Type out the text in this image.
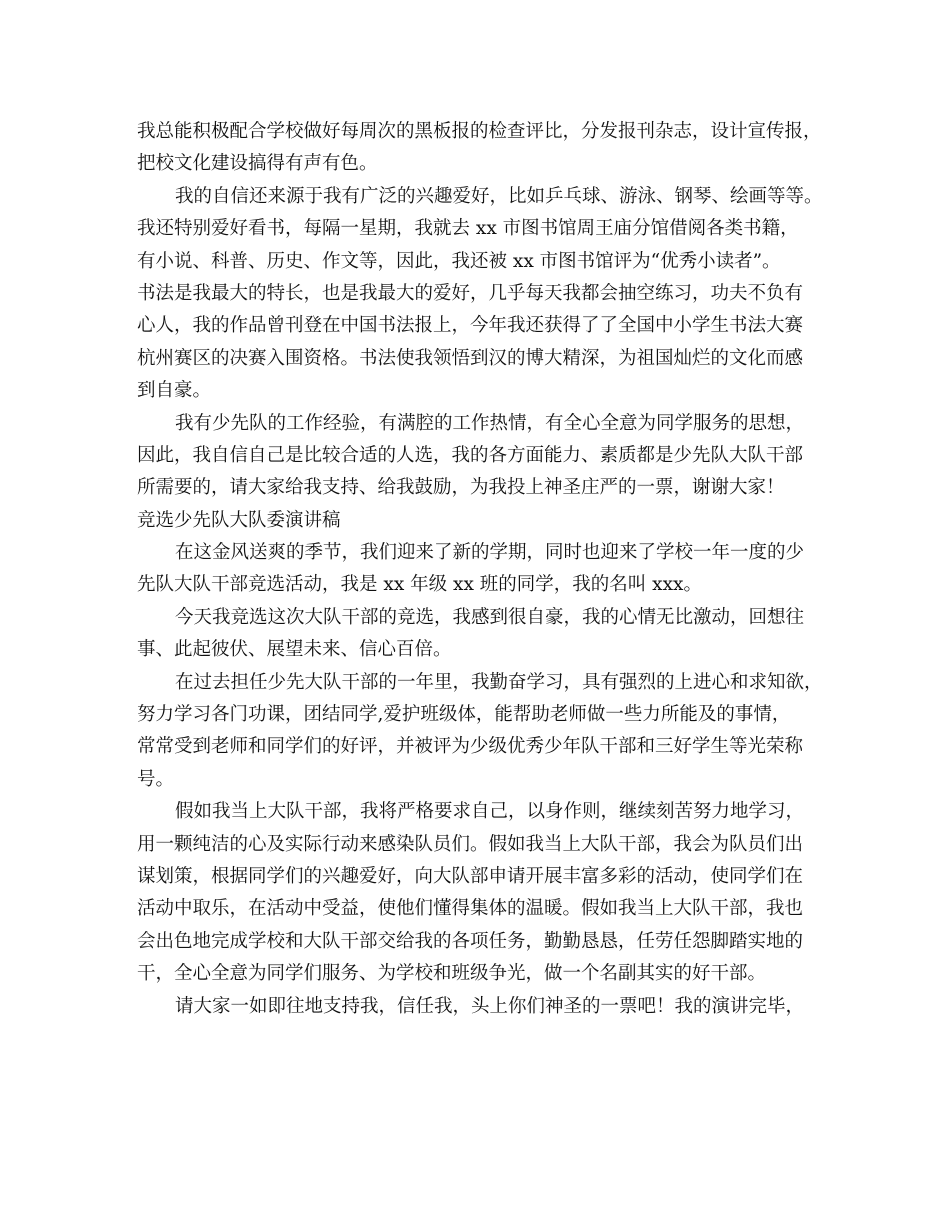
我总能积极配合学校做好每周次的黑板报的检查评比，分发报刊杂志，设计宣传报，
把校文化建设搞得有声有色。
我的自信还来源于我有广泛的兴趣爱好，比如乒乓球、游泳、钢琴、绘画等等。
我还特别爱好看书，每隔一星期，我就去 xx 市图书馆周王庙分馆借阅各类书籍，
有小说、科普、历史、作文等，因此，我还被 xx 市图书馆评为“优秀小读者”。
书法是我最大的特长，也是我最大的爱好，几乎每天我都会抽空练习，功夫不负有
心人，我的作品曾刊登在中国书法报上，今年我还获得了了全国中小学生书法大赛
杭州赛区的决赛入围资格。书法使我领悟到汉的博大精深，为祖国灿烂的文化而感
到自豪。
我有少先队的工作经验，有满腔的工作热情，有全心全意为同学服务的思想，
因此，我自信自己是比较合适的人选，我的各方面能力、素质都是少先队大队干部
所需要的，请大家给我支持、给我鼓励，为我投上神圣庄严的一票，谢谢大家！
竞选少先队大队委演讲稿
在这金风送爽的季节，我们迎来了新的学期，同时也迎来了学校一年一度的少
先队大队干部竞选活动，我是 xx 年级 xx 班的同学，我的名叫 xxx。
今天我竞选这次大队干部的竞选，我感到很自豪，我的心情无比激动，回想往
事、此起彼伏、展望未来、信心百倍。
在过去担任少先大队干部的一年里，我勤奋学习，具有强烈的上进心和求知欲，
努力学习各门功课，团结同学,爱护班级体，能帮助老师做一些力所能及的事情，
常常受到老师和同学们的好评，并被评为少级优秀少年队干部和三好学生等光荣称
号。
假如我当上大队干部，我将严格要求自己，以身作则，继续刻苦努力地学习，
用一颗纯洁的心及实际行动来感染队员们。假如我当上大队干部，我会为队员们出
谋划策，根据同学们的兴趣爱好，向大队部申请开展丰富多彩的活动，使同学们在
活动中取乐，在活动中受益，使他们懂得集体的温暖。假如我当上大队干部，我也
会出色地完成学校和大队干部交给我的各项任务，勤勤恳恳，任劳任怨脚踏实地的
干，全心全意为同学们服务、为学校和班级争光，做一个名副其实的好干部。
请大家一如即往地支持我，信任我，头上你们神圣的一票吧！我的演讲完毕，
